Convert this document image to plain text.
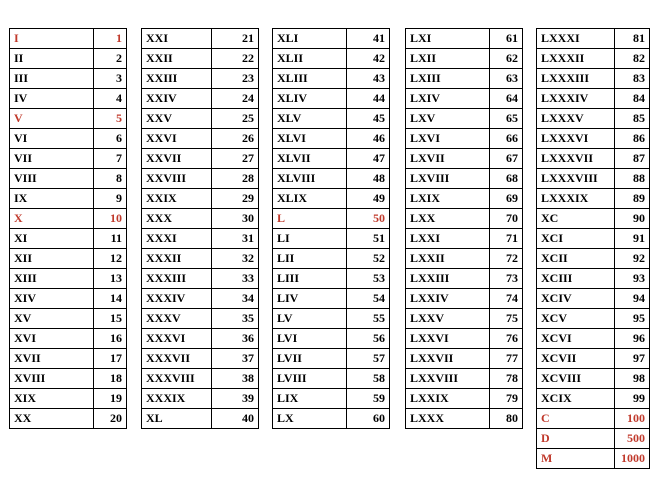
I	1
II	2
III	3
IV	4
V	5
VI	6
VII	7
VIII	8
IX	9
X	10
XI	11
XII	12
XIII	13
XIV	14
XV	15
XVI	16
XVII	17
XVIII	18
XIX	19
XX	20
XXI	21
XXII	22
XXIII	23
XXIV	24
XXV	25
XXVI	26
XXVII	27
XXVIII	28
XXIX	29
XXX	30
XXXI	31
XXXII	32
XXXIII	33
XXXIV	34
XXXV	35
XXXVI	36
XXXVII	37
XXXVIII	38
XXXIX	39
XL	40
XLI	41
XLII	42
XLIII	43
XLIV	44
XLV	45
XLVI	46
XLVII	47
XLVIII	48
XLIX	49
L	50
LI	51
LII	52
LIII	53
LIV	54
LV	55
LVI	56
LVII	57
LVIII	58
LIX	59
LX	60
LXI	61
LXII	62
LXIII	63
LXIV	64
LXV	65
LXVI	66
LXVII	67
LXVIII	68
LXIX	69
LXX	70
LXXI	71
LXXII	72
LXXIII	73
LXXIV	74
LXXV	75
LXXVI	76
LXXVII	77
LXXVIII	78
LXXIX	79
LXXX	80
LXXXI	81
LXXXII	82
LXXXIII	83
LXXXIV	84
LXXXV	85
LXXXVI	86
LXXXVII	87
LXXXVIII	88
LXXXIX	89
XC	90
XCI	91
XCII	92
XCIII	93
XCIV	94
XCV	95
XCVI	96
XCVII	97
XCVIII	98
XCIX	99
C	100
D	500
M	1000
